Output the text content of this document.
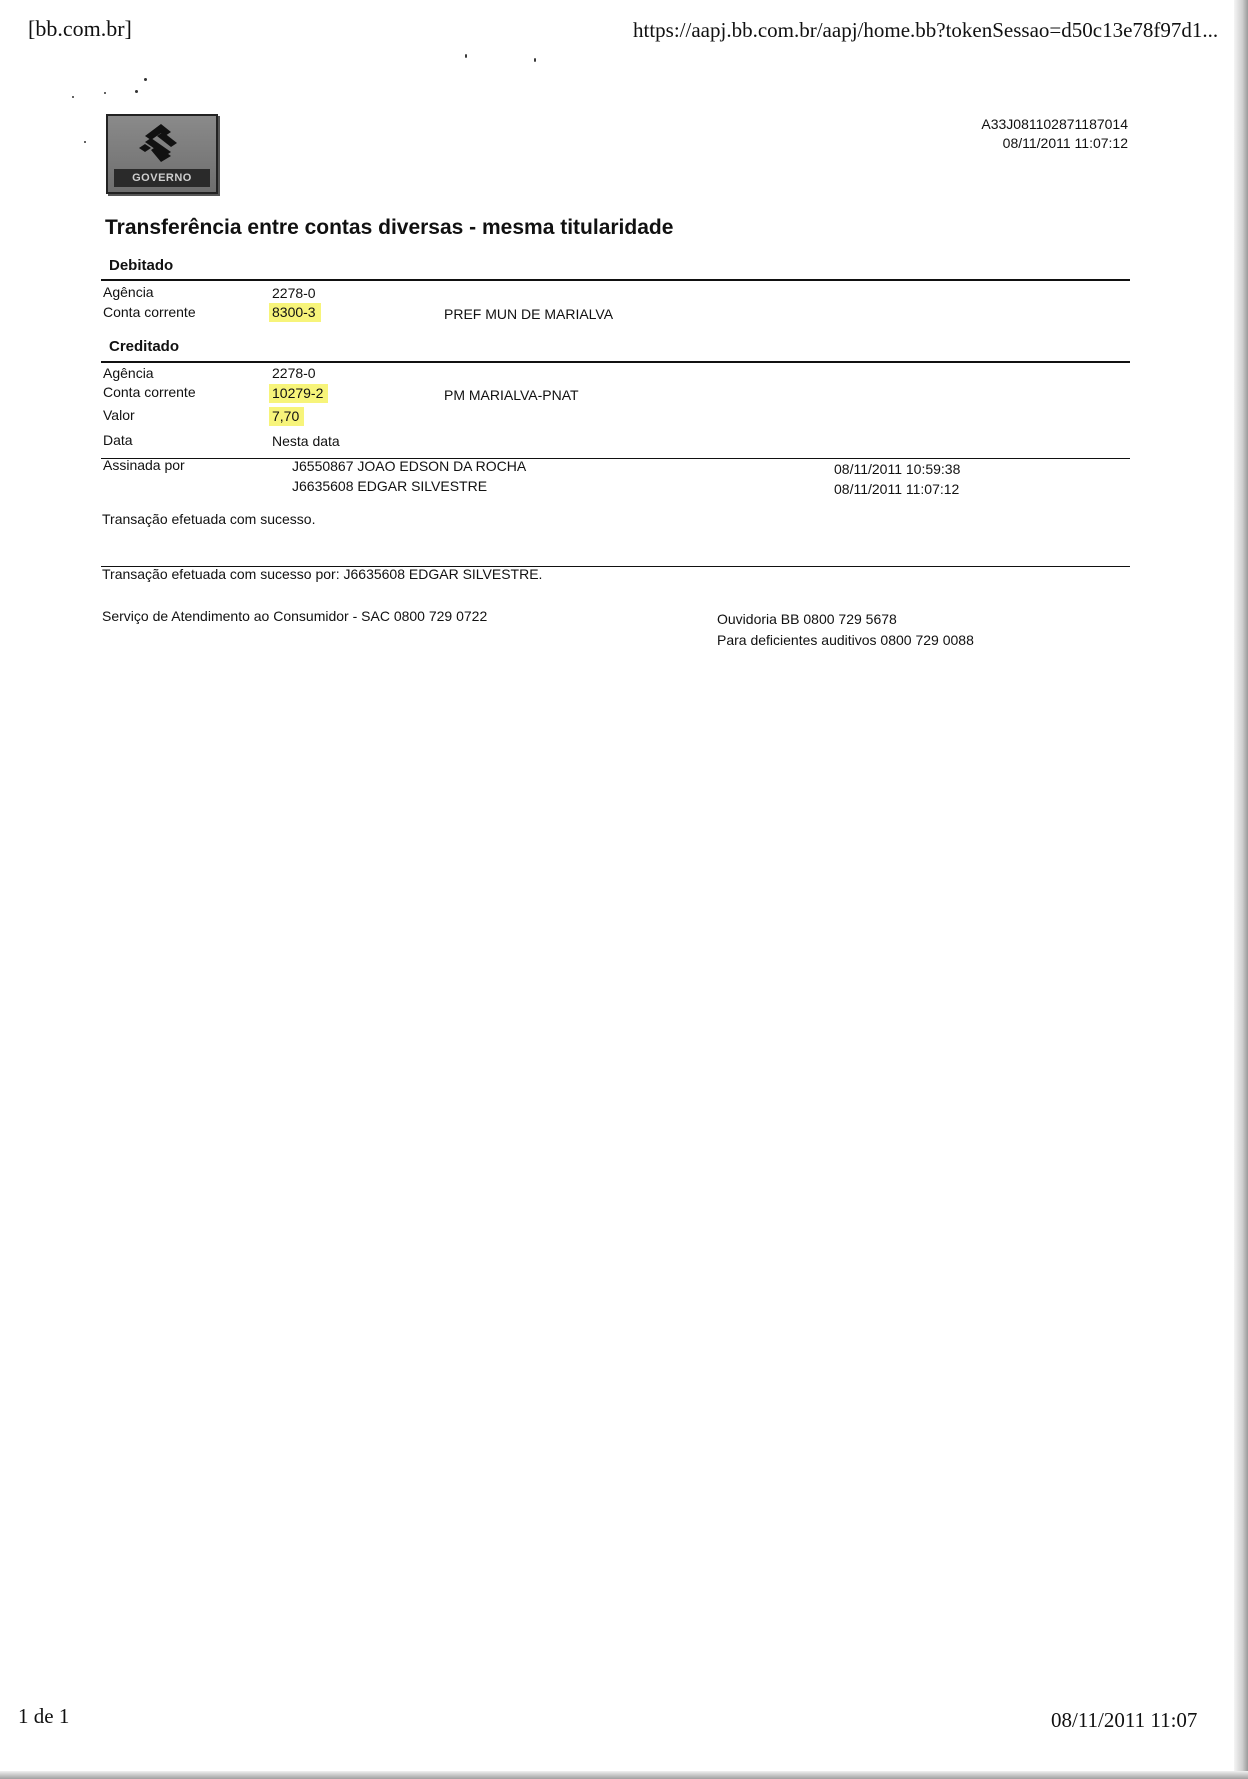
[bb.com.br]	https://aapj.bb.com.br/aapj/home.bb?tokenSessao=d50c13e78f97d1...
GOVERNO
A33J081102871187014
08/11/2011 11:07:12
Transferência entre contas diversas - mesma titularidade
Debitado
Agência	2278-0
Conta corrente	8300-3	PREF MUN DE MARIALVA
Creditado
Agência	2278-0
Conta corrente	10279-2	PM MARIALVA-PNAT
Valor	7,70
Data	Nesta data
Assinada por	J6550867 JOAO EDSON DA ROCHA	08/11/2011 10:59:38
J6635608 EDGAR SILVESTRE	08/11/2011 11:07:12
Transação efetuada com sucesso.
Transação efetuada com sucesso por: J6635608 EDGAR SILVESTRE.
Serviço de Atendimento ao Consumidor - SAC 0800 729 0722	Ouvidoria BB 0800 729 5678
Para deficientes auditivos 0800 729 0088
1 de 1	08/11/2011 11:07
